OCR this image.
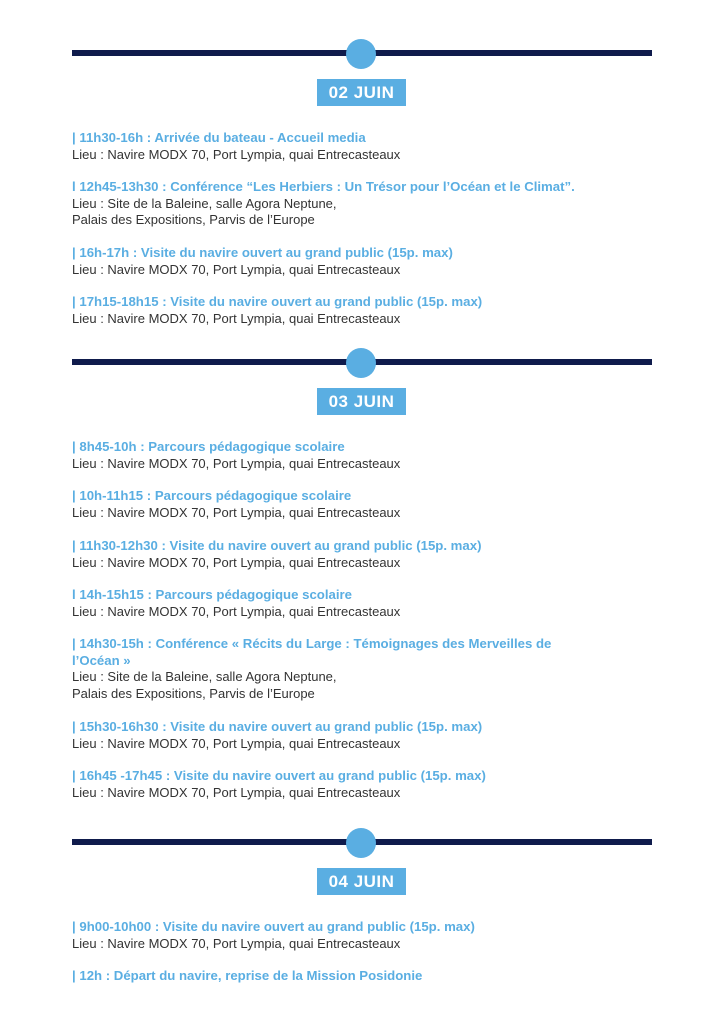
02 JUIN
| 11h30-16h : Arrivée du bateau - Accueil media
Lieu : Navire MODX 70, Port Lympia, quai Entrecasteaux
l 12h45-13h30 : Conférence “Les Herbiers : Un Trésor pour l’Océan et le Climat”.
Lieu : Site de la Baleine, salle Agora Neptune,
Palais des Expositions, Parvis de l’Europe
| 16h-17h : Visite du navire ouvert au grand public (15p. max)
Lieu : Navire MODX 70, Port Lympia, quai Entrecasteaux
| 17h15-18h15 : Visite du navire ouvert au grand public (15p. max)
Lieu : Navire MODX 70, Port Lympia, quai Entrecasteaux
03 JUIN
| 8h45-10h : Parcours pédagogique scolaire
Lieu : Navire MODX 70, Port Lympia, quai Entrecasteaux
| 10h-11h15 : Parcours pédagogique scolaire
Lieu : Navire MODX 70, Port Lympia, quai Entrecasteaux
| 11h30-12h30 : Visite du navire ouvert au grand public (15p. max)
Lieu : Navire MODX 70, Port Lympia, quai Entrecasteaux
l 14h-15h15 : Parcours pédagogique scolaire
Lieu : Navire MODX 70, Port Lympia, quai Entrecasteaux
| 14h30-15h : Conférence « Récits du Large : Témoignages des Merveilles de
l’Océan »
Lieu : Site de la Baleine, salle Agora Neptune,
Palais des Expositions, Parvis de l’Europe
| 15h30-16h30 : Visite du navire ouvert au grand public (15p. max)
Lieu : Navire MODX 70, Port Lympia, quai Entrecasteaux
| 16h45 -17h45 : Visite du navire ouvert au grand public (15p. max)
Lieu : Navire MODX 70, Port Lympia, quai Entrecasteaux
04 JUIN
| 9h00-10h00 : Visite du navire ouvert au grand public (15p. max)
Lieu : Navire MODX 70, Port Lympia, quai Entrecasteaux
| 12h : Départ du navire, reprise de la Mission Posidonie
